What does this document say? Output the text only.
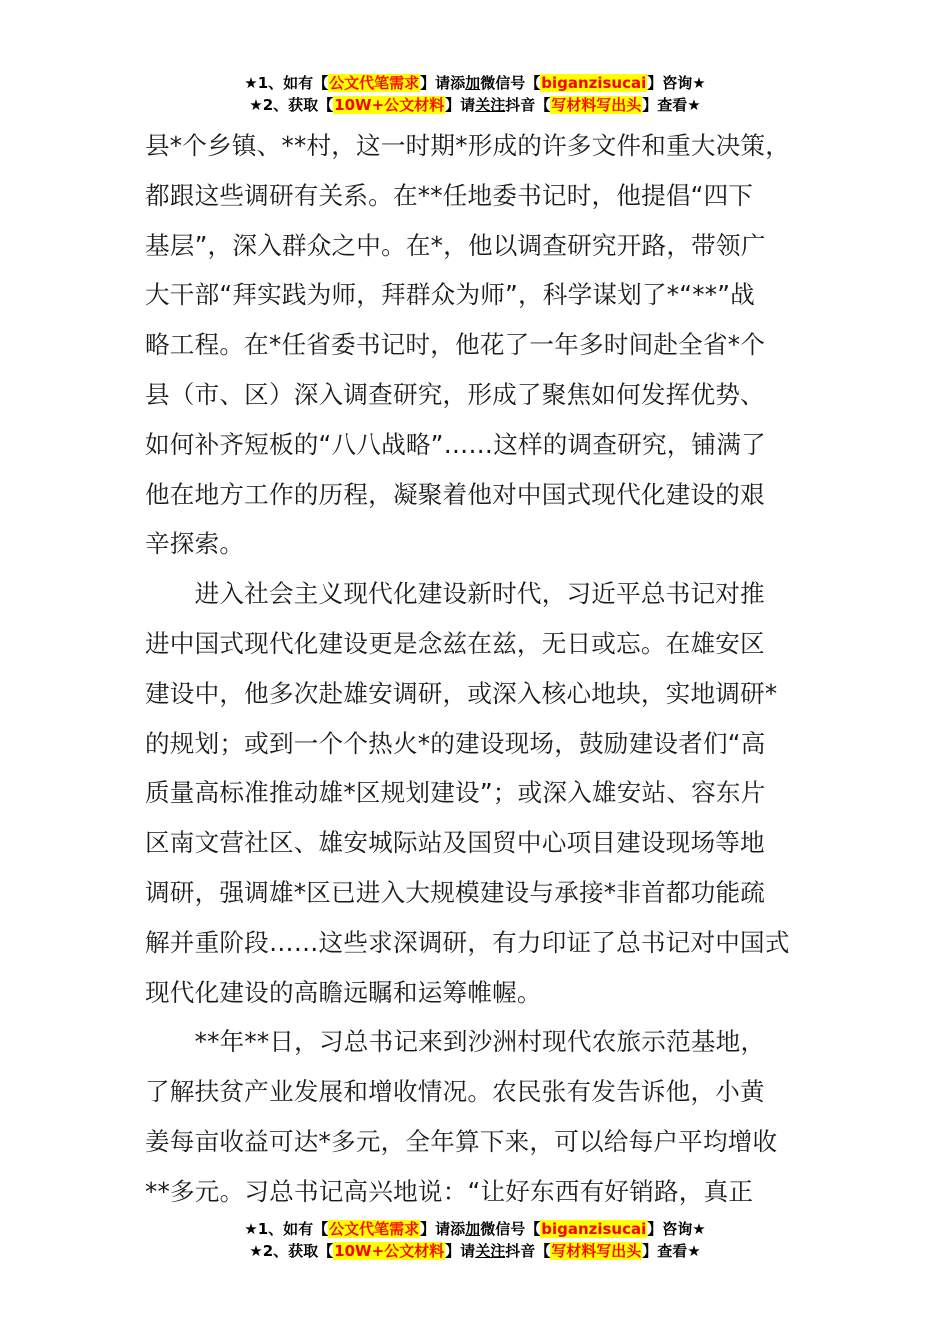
★1、如有【公文代笔需求】请添加微信号【biganzisucai】咨询★
★2、获取【10W+公文材料】请关注抖音【写材料写出头】查看★

县*个乡镇、**村，这一时期*形成的许多文件和重大决策，

都跟这些调研有关系。在**任地委书记时，他提倡“四下

基层”，深入群众之中。在*，他以调查研究开路，带领广

大干部“拜实践为师，拜群众为师”，科学谋划了*“**”战

略工程。在*任省委书记时，他花了一年多时间赴全省*个

县（市、区）深入调查研究，形成了聚焦如何发挥优势、

如何补齐短板的“八八战略”……这样的调查研究，铺满了

他在地方工作的历程，凝聚着他对中国式现代化建设的艰

辛探索。

　　进入社会主义现代化建设新时代，习近平总书记对推

进中国式现代化建设更是念兹在兹，无日或忘。在雄安区

建设中，他多次赴雄安调研，或深入核心地块，实地调研*

的规划；或到一个个热火*的建设现场，鼓励建设者们“高

质量高标准推动雄*区规划建设”；或深入雄安站、容东片

区南文营社区、雄安城际站及国贸中心项目建设现场等地

调研，强调雄*区已进入大规模建设与承接*非首都功能疏

解并重阶段……这些求深调研，有力印证了总书记对中国式

现代化建设的高瞻远瞩和运筹帷幄。

　　**年**日，习总书记来到沙洲村现代农旅示范基地，

了解扶贫产业发展和增收情况。农民张有发告诉他，小黄

姜每亩收益可达*多元，全年算下来，可以给每户平均增收

**多元。习总书记高兴地说：“让好东西有好销路，真正

★1、如有【公文代笔需求】请添加微信号【biganzisucai】咨询★
★2、获取【10W+公文材料】请关注抖音【写材料写出头】查看★
